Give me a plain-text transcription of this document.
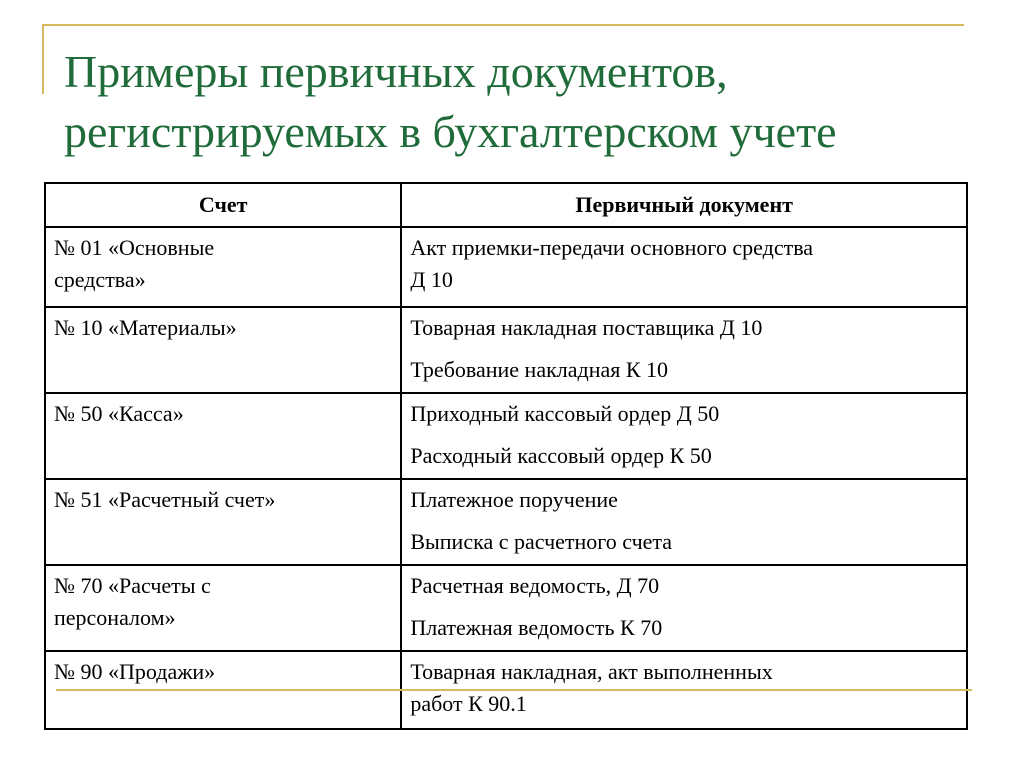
Примеры первичных документов,
регистрируемых в бухгалтерском учете
Счет	Первичный документ

№ 01 «Основные
средства»	Акт приемки-передачи основного средства
Д 10

№ 10 «Материалы»	Товарная накладная поставщика Д 10
Требование накладная К 10

№ 50 «Касса»	Приходный кассовый ордер Д 50
Расходный кассовый ордер К 50

№ 51 «Расчетный счет»	Платежное поручение
Выписка с расчетного счета

№ 70 «Расчеты с
персоналом»	Расчетная ведомость, Д 70
Платежная ведомость К 70

№ 90 «Продажи»	Товарная накладная, акт выполненных
работ К 90.1
